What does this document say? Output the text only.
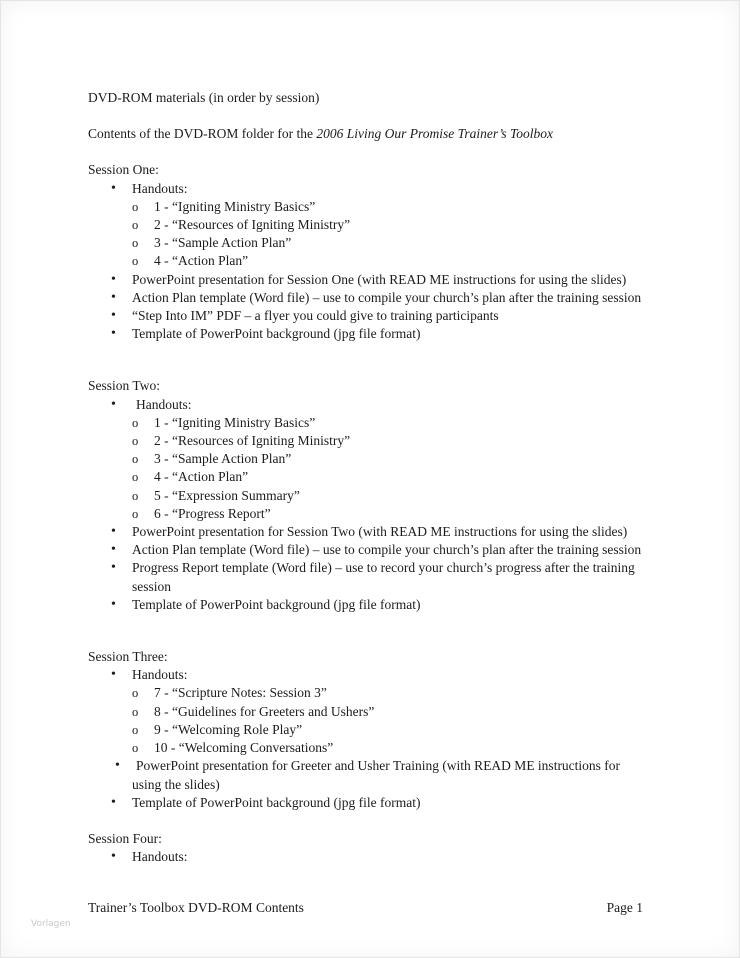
DVD-ROM materials (in order by session)
Contents of the DVD-ROM folder for the 2006 Living Our Promise Trainer’s Toolbox
Session One:
• Handouts:
o 1 - “Igniting Ministry Basics”
o 2 - “Resources of Igniting Ministry”
o 3 - “Sample Action Plan”
o 4 - “Action Plan”
• PowerPoint presentation for Session One (with READ ME instructions for using the slides)
• Action Plan template (Word file) – use to compile your church’s plan after the training session
• “Step Into IM” PDF – a flyer you could give to training participants
• Template of PowerPoint background (jpg file format)
Session Two:
• Handouts:
o 1 - “Igniting Ministry Basics”
o 2 - “Resources of Igniting Ministry”
o 3 - “Sample Action Plan”
o 4 - “Action Plan”
o 5 - “Expression Summary”
o 6 - “Progress Report”
• PowerPoint presentation for Session Two (with READ ME instructions for using the slides)
• Action Plan template (Word file) – use to compile your church’s plan after the training session
• Progress Report template (Word file) – use to record your church’s progress after the training session
• Template of PowerPoint background (jpg file format)
Session Three:
• Handouts:
o 7 - “Scripture Notes: Session 3”
o 8 - “Guidelines for Greeters and Ushers”
o 9 - “Welcoming Role Play”
o 10 - “Welcoming Conversations”
• PowerPoint presentation for Greeter and Usher Training (with READ ME instructions for using the slides)
• Template of PowerPoint background (jpg file format)
Session Four:
• Handouts:
Trainer’s Toolbox DVD-ROM Contents	Page 1
Vorlagen
